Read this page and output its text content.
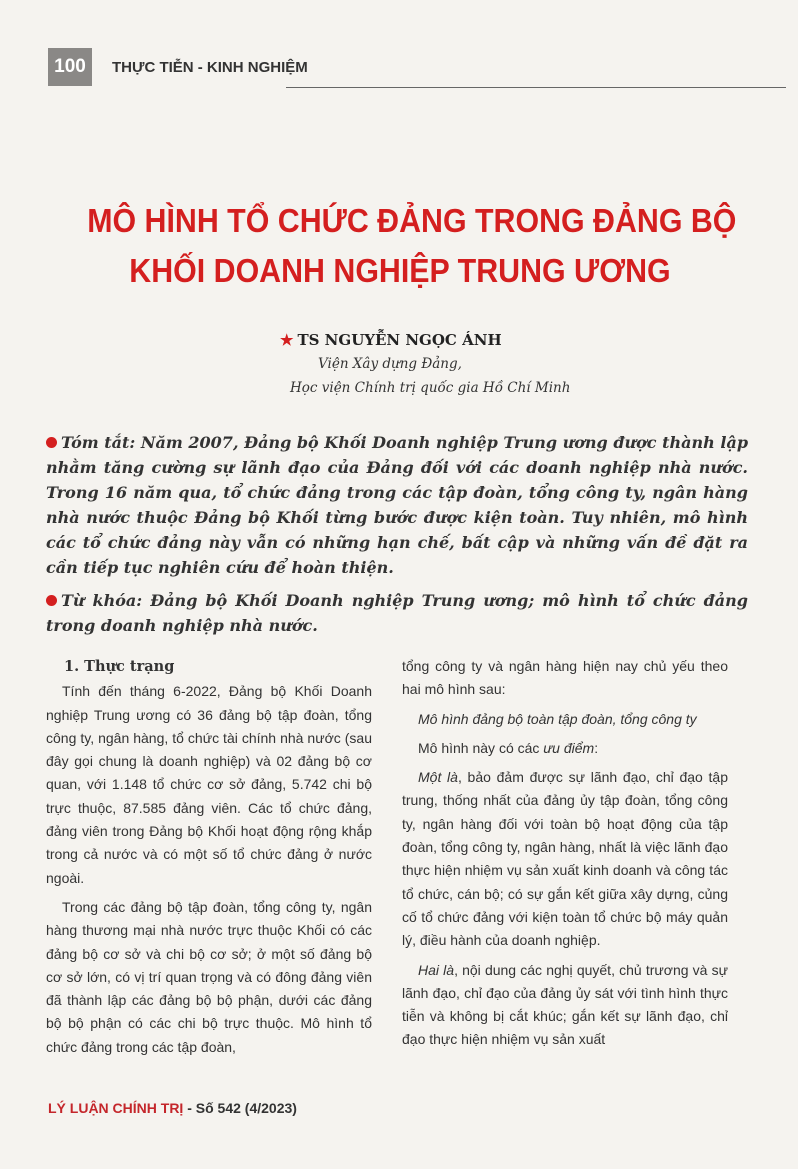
100	THỰC TIỄN - KINH NGHIỆM
MÔ HÌNH TỔ CHỨC ĐẢNG TRONG ĐẢNG BỘ
KHỐI DOANH NGHIỆP TRUNG ƯƠNG
★ TS NGUYỄN NGỌC ÁNH
Viện Xây dựng Đảng,
Học viện Chính trị quốc gia Hồ Chí Minh

Tóm tắt: Năm 2007, Đảng bộ Khối Doanh nghiệp Trung ương được thành lập nhằm tăng cường sự lãnh đạo của Đảng đối với các doanh nghiệp nhà nước. Trong 16 năm qua, tổ chức đảng trong các tập đoàn, tổng công ty, ngân hàng nhà nước thuộc Đảng bộ Khối từng bước được kiện toàn. Tuy nhiên, mô hình các tổ chức đảng này vẫn có những hạn chế, bất cập và những vấn đề đặt ra cần tiếp tục nghiên cứu để hoàn thiện.

Từ khóa: Đảng bộ Khối Doanh nghiệp Trung ương; mô hình tổ chức đảng trong doanh nghiệp nhà nước.

1. Thực trạng

Tính đến tháng 6-2022, Đảng bộ Khối Doanh nghiệp Trung ương có 36 đảng bộ tập đoàn, tổng công ty, ngân hàng, tổ chức tài chính nhà nước (sau đây gọi chung là doanh nghiệp) và 02 đảng bộ cơ quan, với 1.148 tổ chức cơ sở đảng, 5.742 chi bộ trực thuộc, 87.585 đảng viên. Các tổ chức đảng, đảng viên trong Đảng bộ Khối hoạt động rộng khắp trong cả nước và có một số tổ chức đảng ở nước ngoài.

Trong các đảng bộ tập đoàn, tổng công ty, ngân hàng thương mại nhà nước trực thuộc Khối có các đảng bộ cơ sở và chi bộ cơ sở; ở một số đảng bộ cơ sở lớn, có vị trí quan trọng và có đông đảng viên đã thành lập các đảng bộ bộ phận, dưới các đảng bộ bộ phận có các chi bộ trực thuộc. Mô hình tổ chức đảng trong các tập đoàn,

tổng công ty và ngân hàng hiện nay chủ yếu theo hai mô hình sau:

Mô hình đảng bộ toàn tập đoàn, tổng công ty

Mô hình này có các ưu điểm:

Một là, bảo đảm được sự lãnh đạo, chỉ đạo tập trung, thống nhất của đảng ủy tập đoàn, tổng công ty, ngân hàng đối với toàn bộ hoạt động của tập đoàn, tổng công ty, ngân hàng, nhất là việc lãnh đạo thực hiện nhiệm vụ sản xuất kinh doanh và công tác tổ chức, cán bộ; có sự gắn kết giữa xây dựng, củng cố tổ chức đảng với kiện toàn tổ chức bộ máy quản lý, điều hành của doanh nghiệp.

Hai là, nội dung các nghị quyết, chủ trương và sự lãnh đạo, chỉ đạo của đảng ủy sát với tình hình thực tiễn và không bị cắt khúc; gắn kết sự lãnh đạo, chỉ đạo thực hiện nhiệm vụ sản xuất

LÝ LUẬN CHÍNH TRỊ - Số 542 (4/2023)
